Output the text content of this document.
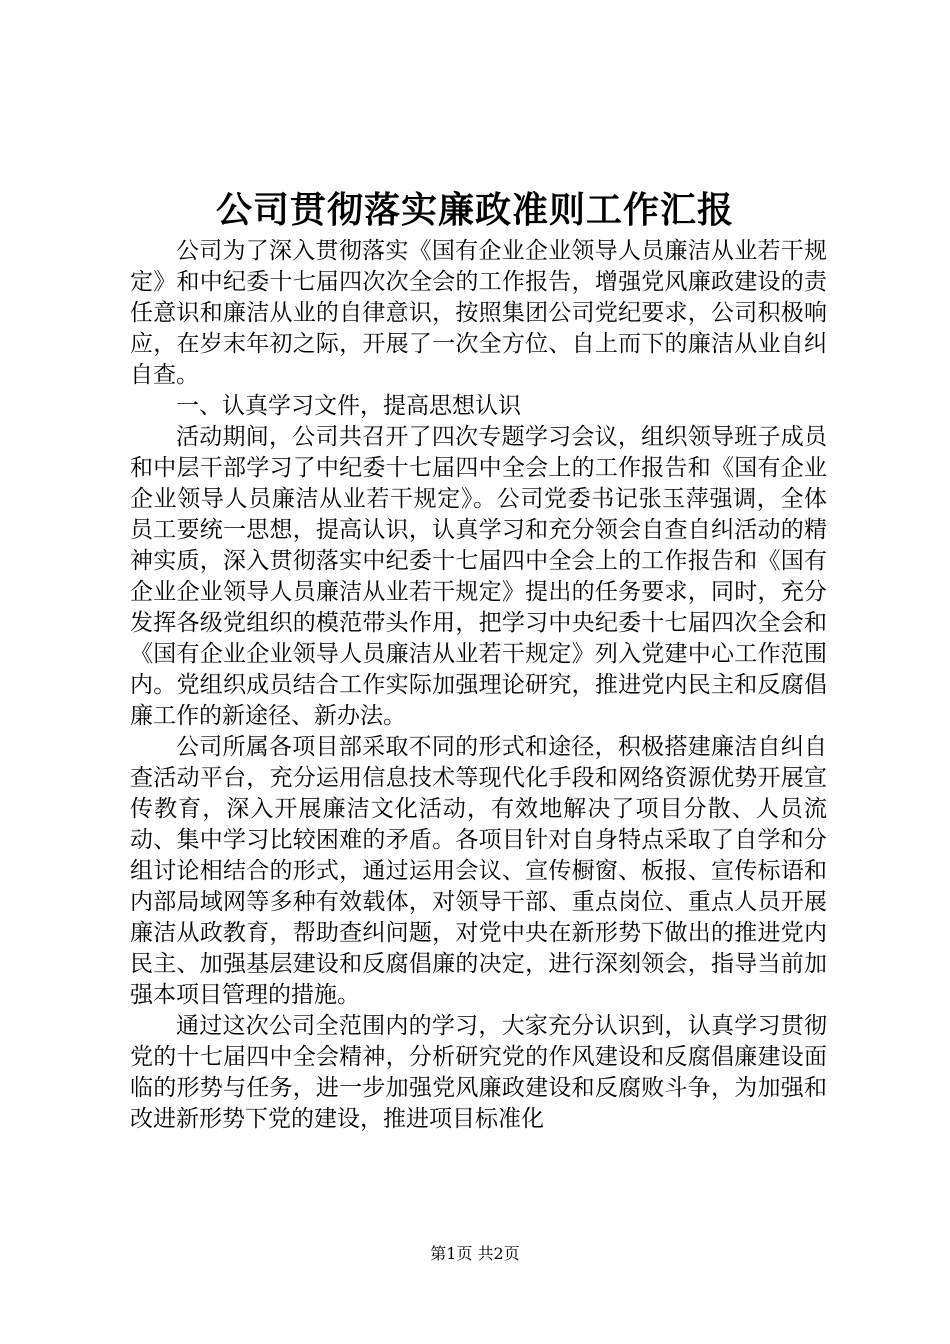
公司贯彻落实廉政准则工作汇报

公司为了深入贯彻落实《国有企业企业领导人员廉洁从业若干规定》和中纪委十七届四次次全会的工作报告，增强党风廉政建设的责任意识和廉洁从业的自律意识，按照集团公司党纪要求，公司积极响应，在岁末年初之际，开展了一次全方位、自上而下的廉洁从业自纠自查。

一、认真学习文件，提高思想认识

活动期间，公司共召开了四次专题学习会议，组织领导班子成员和中层干部学习了中纪委十七届四中全会上的工作报告和《国有企业企业领导人员廉洁从业若干规定》。公司党委书记张玉萍强调，全体员工要统一思想，提高认识，认真学习和充分领会自查自纠活动的精神实质，深入贯彻落实中纪委十七届四中全会上的工作报告和《国有企业企业领导人员廉洁从业若干规定》提出的任务要求，同时，充分发挥各级党组织的模范带头作用，把学习中央纪委十七届四次全会和《国有企业企业领导人员廉洁从业若干规定》列入党建中心工作范围内。党组织成员结合工作实际加强理论研究，推进党内民主和反腐倡廉工作的新途径、新办法。

公司所属各项目部采取不同的形式和途径，积极搭建廉洁自纠自查活动平台，充分运用信息技术等现代化手段和网络资源优势开展宣传教育，深入开展廉洁文化活动，有效地解决了项目分散、人员流动、集中学习比较困难的矛盾。各项目针对自身特点采取了自学和分组讨论相结合的形式，通过运用会议、宣传橱窗、板报、宣传标语和内部局域网等多种有效载体，对领导干部、重点岗位、重点人员开展廉洁从政教育，帮助查纠问题，对党中央在新形势下做出的推进党内民主、加强基层建设和反腐倡廉的决定，进行深刻领会，指导当前加强本项目管理的措施。

通过这次公司全范围内的学习，大家充分认识到，认真学习贯彻党的十七届四中全会精神，分析研究党的作风建设和反腐倡廉建设面临的形势与任务，进一步加强党风廉政建设和反腐败斗争，为加强和改进新形势下党的建设，推进项目标准化

第1页 共2页
